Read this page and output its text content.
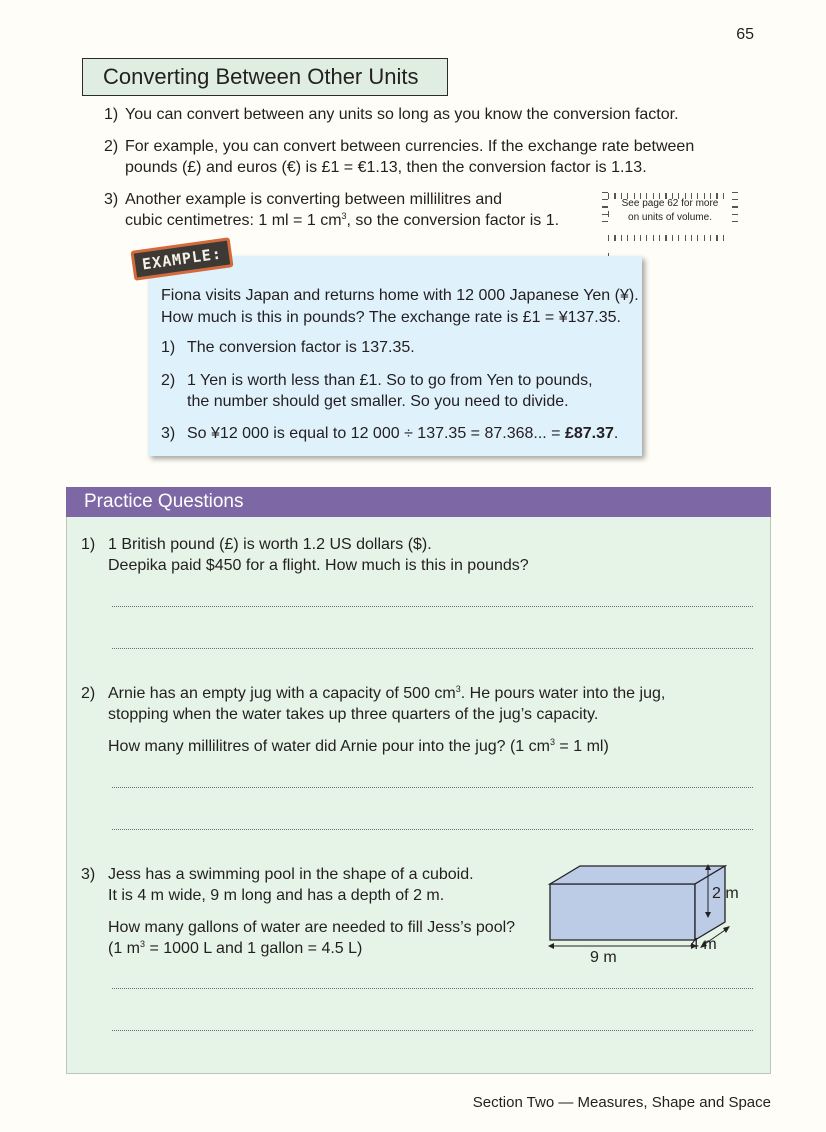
65
Converting Between Other Units
1) You can convert between any units so long as you know the conversion factor.
2) For example, you can convert between currencies. If the exchange rate between
pounds (£) and euros (€) is £1 = €1.13, then the conversion factor is 1.13.
3) Another example is converting between millilitres and
cubic centimetres: 1 ml = 1 $cm^3$, so the conversion factor is 1.
See page 62 for more
on units of volume.
Fiona visits Japan and returns home with 12 000 Japanese Yen (¥).
How much is this in pounds? The exchange rate is £1 = ¥137.35.
1) The conversion factor is 137.35.
2) 1 Yen is worth less than £1. So to go from Yen to pounds,
the number should get smaller. So you need to divide.
3) So ¥12 000 is equal to 12 000 ÷ 137.35 = 87.368... = £87.37.
EXAMPLE:
Practice Questions
1) 1 British pound (£) is worth 1.2 US dollars ($).
Deepika paid $450 for a flight. How much is this in pounds?
2) Arnie has an empty jug with a capacity of 500 $cm^3$. He pours water into the jug,
stopping when the water takes up three quarters of the jug’s capacity.
How many millilitres of water did Arnie pour into the jug? (1 $cm^3 = 1$ ml)
3) Jess has a swimming pool in the shape of a cuboid.
It is 4 m wide, 9 m long and has a depth of 2 m.
How many gallons of water are needed to fill Jess’s pool?
(1 $m^3 = 1000$ L and 1 gallon = 4.5 L)
2 m
4 m
9 m
Section Two — Measures, Shape and Space
